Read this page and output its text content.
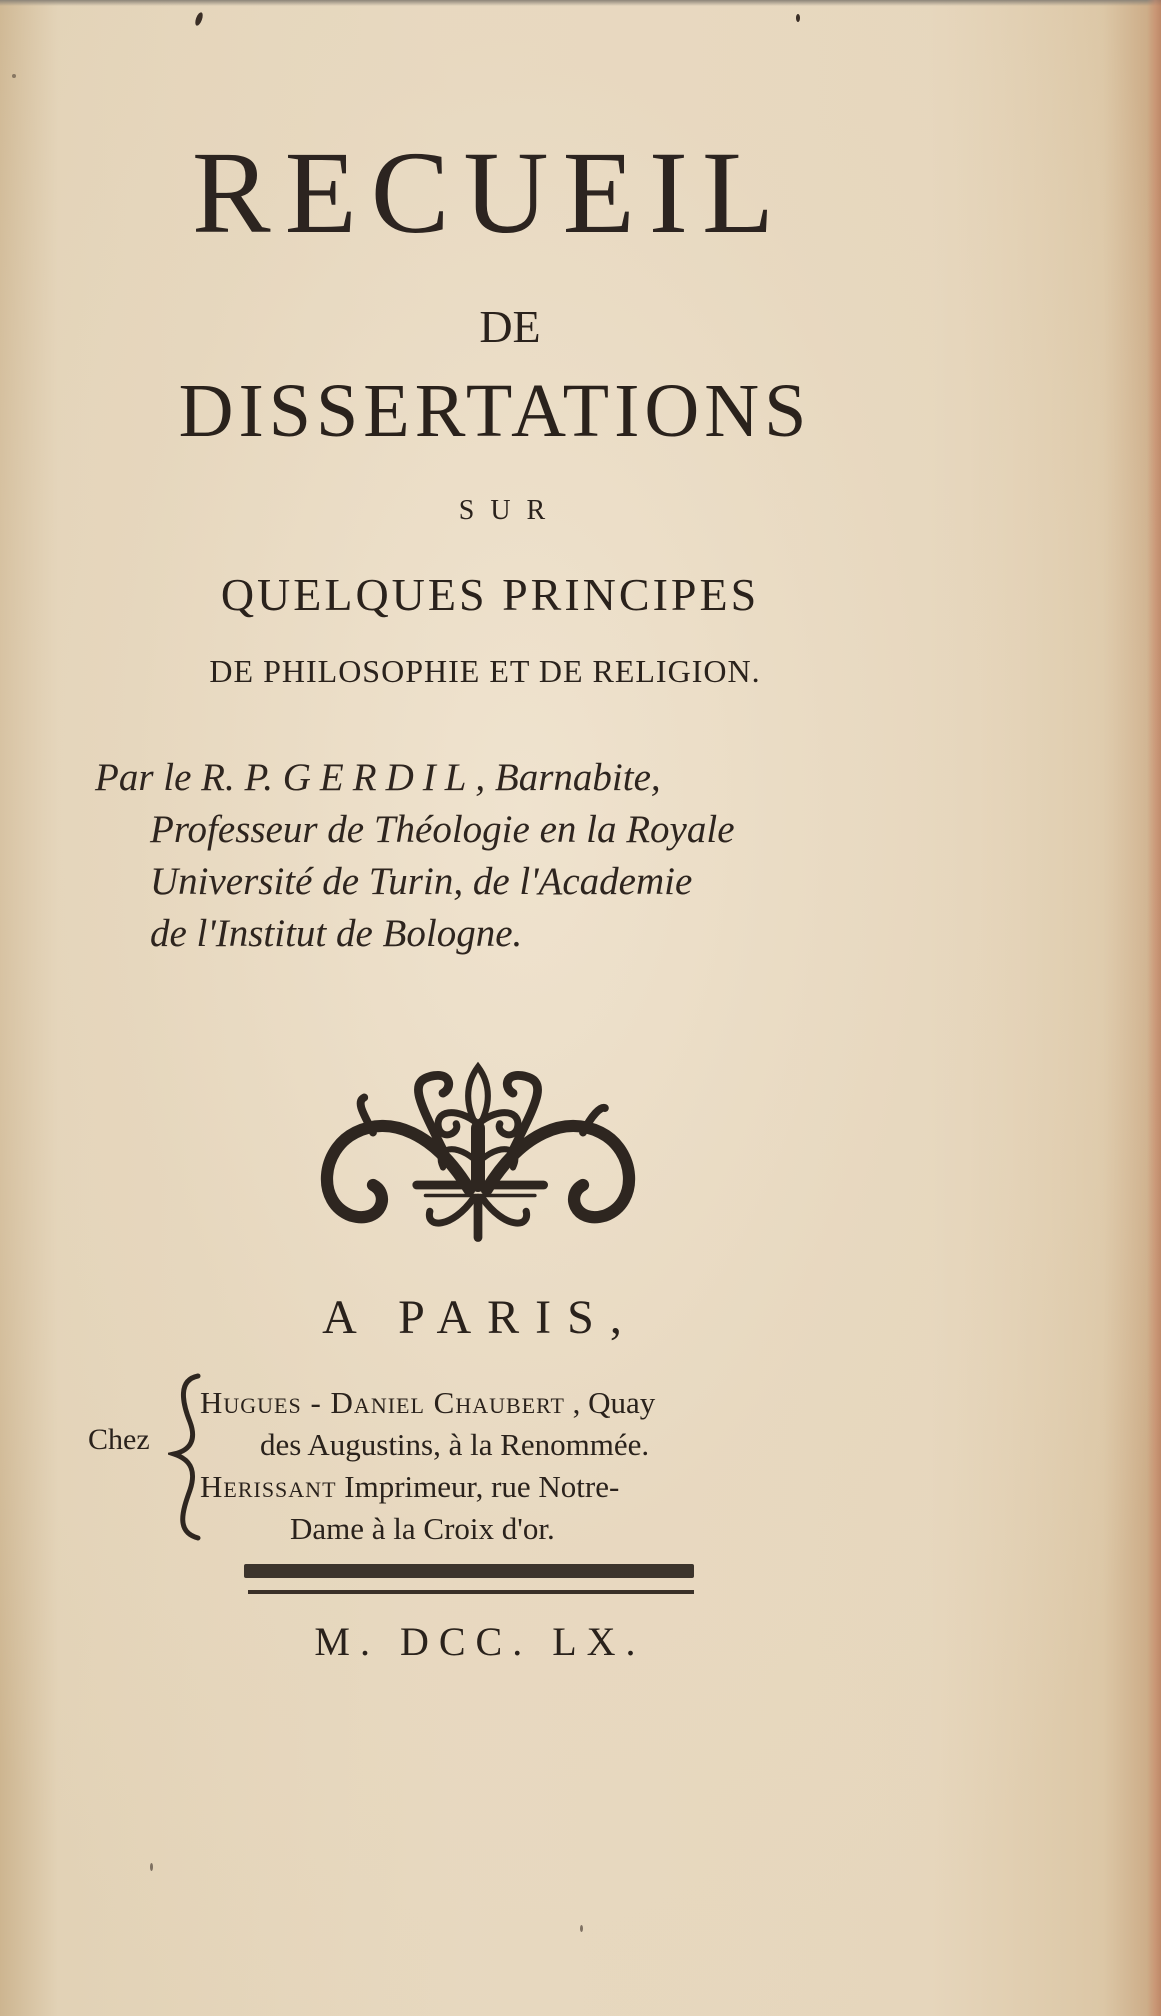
RECUEIL
DE
DISSERTATIONS
SUR
QUELQUES PRINCIPES
DE PHILOSOPHIE ET DE RELIGION.
Par le R. P. GERDIL, Barnabite,
Professeur de Théologie en la Royale
Université de Turin, de l'Academie
de l'Institut de Bologne.
A PARIS,
Chez
Hugues - Daniel Chaubert , Quay
des Augustins, à la Renommée.
Herissant Imprimeur, rue Notre-
Dame à la Croix d'or.
M. DCC. LX.
